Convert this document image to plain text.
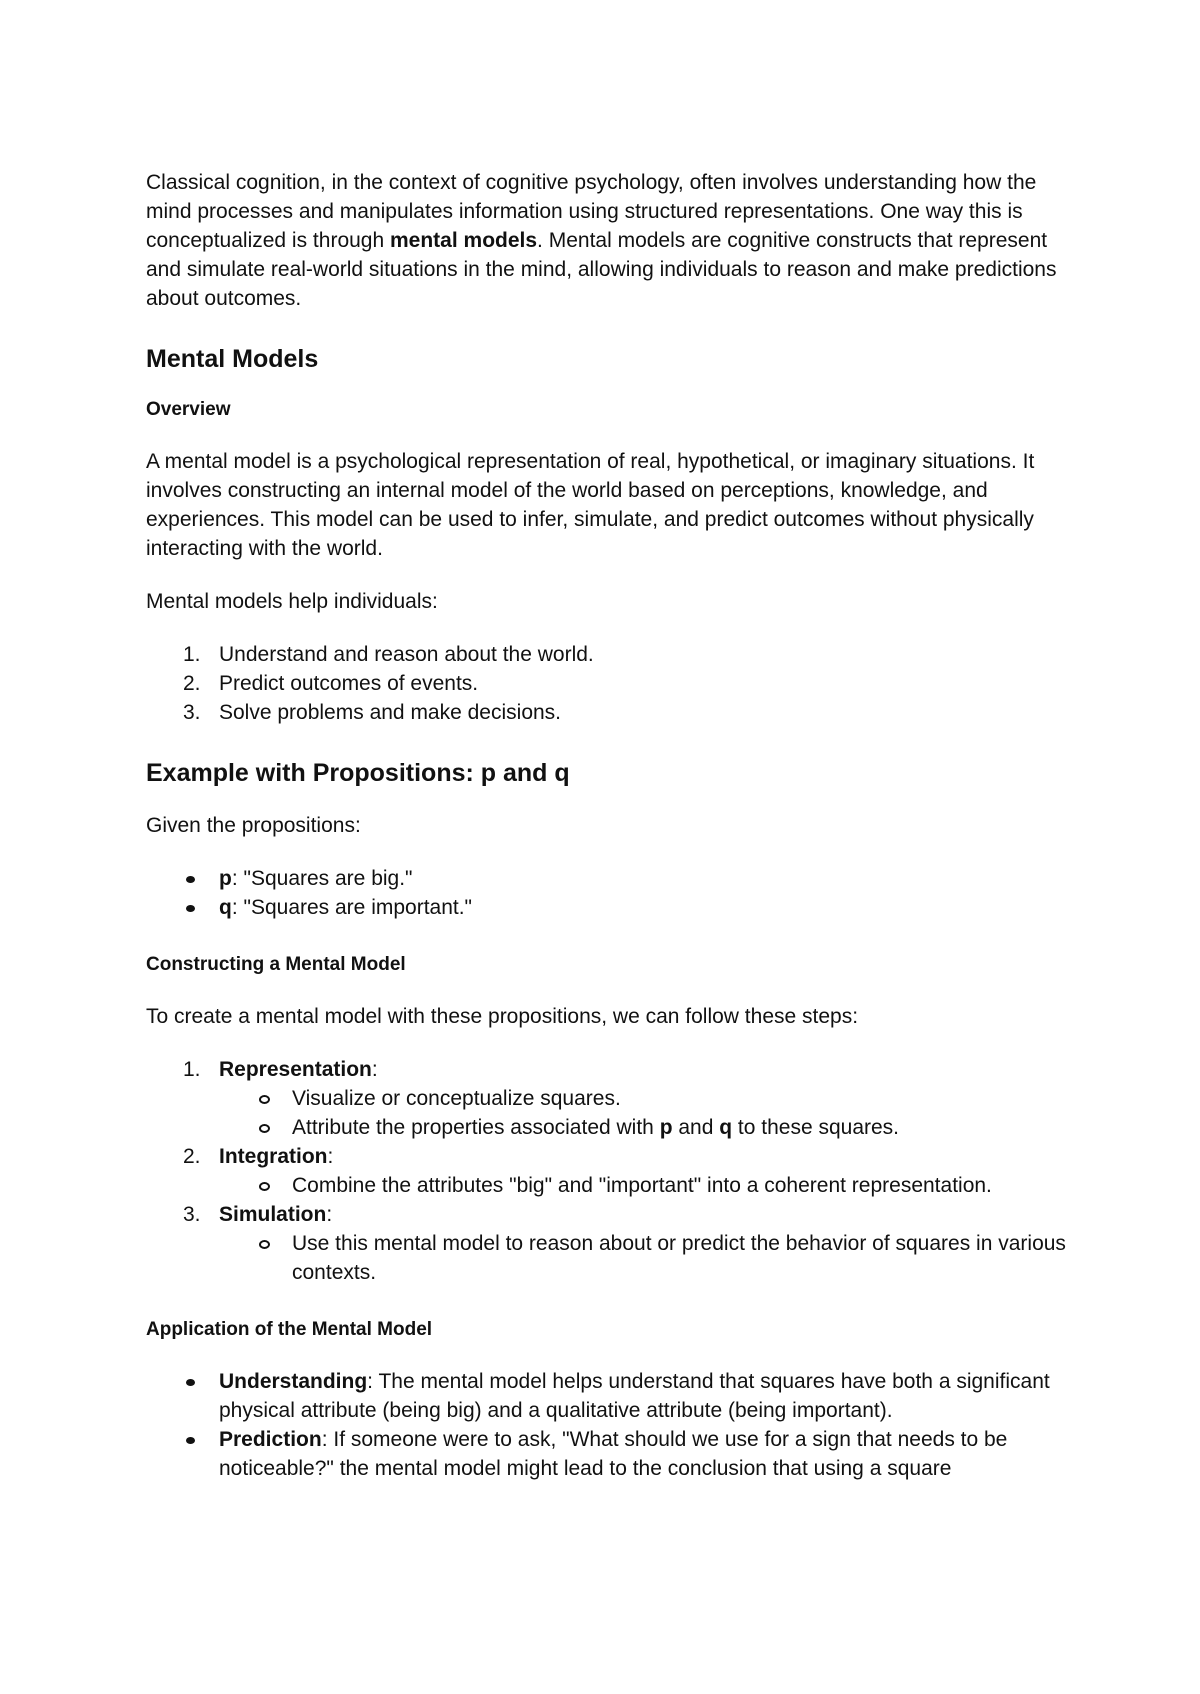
Classical cognition, in the context of cognitive psychology, often involves understanding how the mind processes and manipulates information using structured representations. One way this is conceptualized is through mental models. Mental models are cognitive constructs that represent and simulate real-world situations in the mind, allowing individuals to reason and make predictions about outcomes.

Mental Models
Overview

A mental model is a psychological representation of real, hypothetical, or imaginary situations. It involves constructing an internal model of the world based on perceptions, knowledge, and experiences. This model can be used to infer, simulate, and predict outcomes without physically interacting with the world.

Mental models help individuals:

1. Understand and reason about the world.
2. Predict outcomes of events.
3. Solve problems and make decisions.
Example with Propositions: p and q

Given the propositions:

p: "Squares are big."
q: "Squares are important."
Constructing a Mental Model

To create a mental model with these propositions, we can follow these steps:

1. Representation:
Visualize or conceptualize squares.
Attribute the properties associated with p and q to these squares.
2. Integration:
Combine the attributes "big" and "important" into a coherent representation.
3. Simulation:
Use this mental model to reason about or predict the behavior of squares in various contexts.
Application of the Mental Model
Understanding: The mental model helps understand that squares have both a significant physical attribute (being big) and a qualitative attribute (being important).
Prediction: If someone were to ask, "What should we use for a sign that needs to be noticeable?" the mental model might lead to the conclusion that using a square
